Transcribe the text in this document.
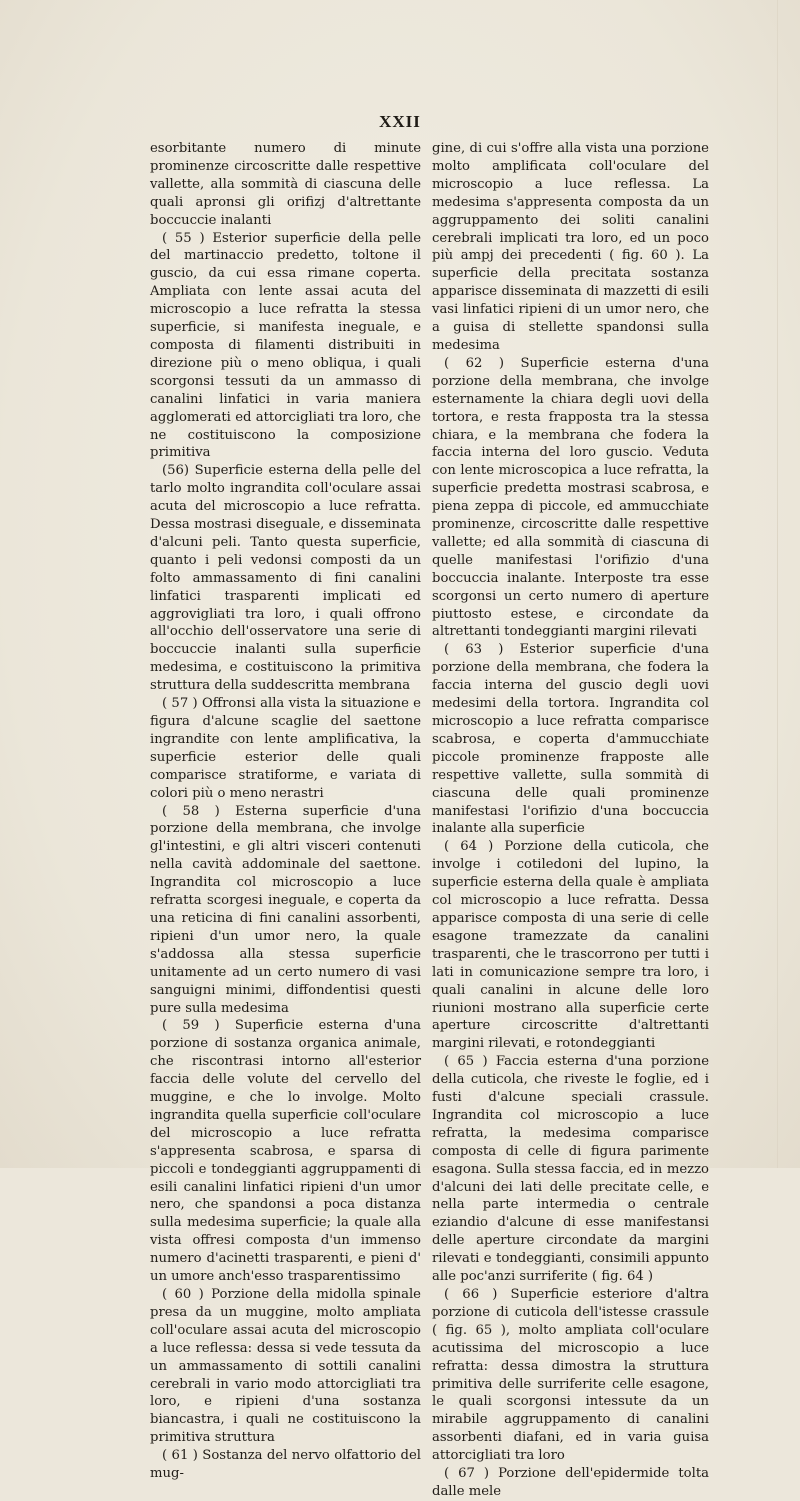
XXII

esorbitante numero di minute prominenze circoscritte dalle respettive vallette, alla sommità di ciascuna delle quali apronsi gli orifizj d'altrettante boccuccie inalanti

( 55 ) Esterior superficie della pelle del martinaccio predetto, toltone il guscio, da cui essa rimane coperta. Ampliata con lente assai acuta del microscopio a luce refratta la stessa superficie, si manifesta ineguale, e composta di filamenti distribuiti in direzione più o meno obliqua, i quali scorgonsi tessuti da un ammasso di canalini linfatici in varia maniera agglomerati ed attorcigliati tra loro, che ne costituiscono la composizione primitiva

(56) Superficie esterna della pelle del tarlo molto ingrandita coll'oculare assai acuta del microscopio a luce refratta. Dessa mostrasi diseguale, e disseminata d'alcuni peli. Tanto questa superficie, quanto i peli vedonsi composti da un folto ammassamento di fini canalini linfatici trasparenti implicati ed aggrovigliati tra loro, i quali offrono all'occhio dell'osservatore una serie di boccuccie inalanti sulla superficie medesima, e costituiscono la primitiva struttura della suddescritta membrana

( 57 ) Offronsi alla vista la situazione e figura d'alcune scaglie del saettone ingrandite con lente amplificativa, la superficie esterior delle quali comparisce stratiforme, e variata di colori più o meno nerastri

( 58 ) Esterna superficie d'una porzione della membrana, che involge gl'intestini, e gli altri visceri contenuti nella cavità addominale del saettone. Ingrandita col microscopio a luce refratta scorgesi ineguale, e coperta da una reticina di fini canalini assorbenti, ripieni d'un umor nero, la quale s'addossa alla stessa superficie unitamente ad un certo numero di vasi sanguigni minimi, diffondentisi questi pure sulla medesima

( 59 ) Superficie esterna d'una porzione di sostanza organica animale, che riscontrasi intorno all'esterior faccia delle volute del cervello del muggine, e che lo involge. Molto ingrandita quella superficie coll'oculare del microscopio a luce refratta s'appresenta scabrosa, e sparsa di piccoli e tondeggianti aggruppamenti di esili canalini linfatici ripieni d'un umor nero, che spandonsi a poca distanza sulla medesima superficie; la quale alla vista offresi composta d'un immenso numero d'acinetti trasparenti, e pieni d' un umore anch'esso trasparentissimo

( 60 ) Porzione della midolla spinale presa da un muggine, molto ampliata coll'oculare assai acuta del microscopio a luce reflessa: dessa si vede tessuta da un ammassamento di sottili canalini cerebrali in vario modo attorcigliati tra loro, e ripieni d'una sostanza biancastra, i quali ne costituiscono la primitiva struttura

( 61 ) Sostanza del nervo olfattorio del mug-

gine, di cui s'offre alla vista una porzione molto amplificata coll'oculare del microscopio a luce reflessa. La medesima s'appresenta composta da un aggruppamento dei soliti canalini cerebrali implicati tra loro, ed un poco più ampj dei precedenti ( fig. 60 ). La superficie della precitata sostanza apparisce disseminata di mazzetti di esili vasi linfatici ripieni di un umor nero, che a guisa di stellette spandonsi sulla medesima

( 62 ) Superficie esterna d'una porzione della membrana, che involge esternamente la chiara degli uovi della tortora, e resta frapposta tra la stessa chiara, e la membrana che fodera la faccia interna del loro guscio. Veduta con lente microscopica a luce refratta, la superficie predetta mostrasi scabrosa, e piena zeppa di piccole, ed ammucchiate prominenze, circoscritte dalle respettive vallette; ed alla sommità di ciascuna di quelle manifestasi l'orifizio d'una boccuccia inalante. Interposte tra esse scorgonsi un certo numero di aperture piuttosto estese, e circondate da altrettanti tondeggianti margini rilevati

( 63 ) Esterior superficie d'una porzione della membrana, che fodera la faccia interna del guscio degli uovi medesimi della tortora. Ingrandita col microscopio a luce refratta comparisce scabrosa, e coperta d'ammucchiate piccole prominenze frapposte alle respettive vallette, sulla sommità di ciascuna delle quali prominenze manifestasi l'orifizio d'una boccuccia inalante alla superficie

( 64 ) Porzione della cuticola, che involge i cotiledoni del lupino, la superficie esterna della quale è ampliata col microscopio a luce refratta. Dessa apparisce composta di una serie di celle esagone tramezzate da canalini trasparenti, che le trascorrono per tutti i lati in comunicazione sempre tra loro, i quali canalini in alcune delle loro riunioni mostrano alla superficie certe aperture circoscritte d'altrettanti margini rilevati, e rotondeggianti

( 65 ) Faccia esterna d'una porzione della cuticola, che riveste le foglie, ed i fusti d'alcune speciali crassule. Ingrandita col microscopio a luce refratta, la medesima comparisce composta di celle di figura parimente esagona. Sulla stessa faccia, ed in mezzo d'alcuni dei lati delle precitate celle, e nella parte intermedia o centrale eziandio d'alcune di esse manifestansi delle aperture circondate da margini rilevati e tondeggianti, consimili appunto alle poc'anzi surriferite ( fig. 64 )

( 66 ) Superficie esteriore d'altra porzione di cuticola dell'istesse crassule ( fig. 65 ), molto ampliata coll'oculare acutissima del microscopio a luce refratta: dessa dimostra la struttura primitiva delle surriferite celle esagone, le quali scorgonsi intessute da un mirabile aggruppamento di canalini assorbenti diafani, ed in varia guisa attorcigliati tra loro

( 67 ) Porzione dell'epidermide tolta dalle mele
